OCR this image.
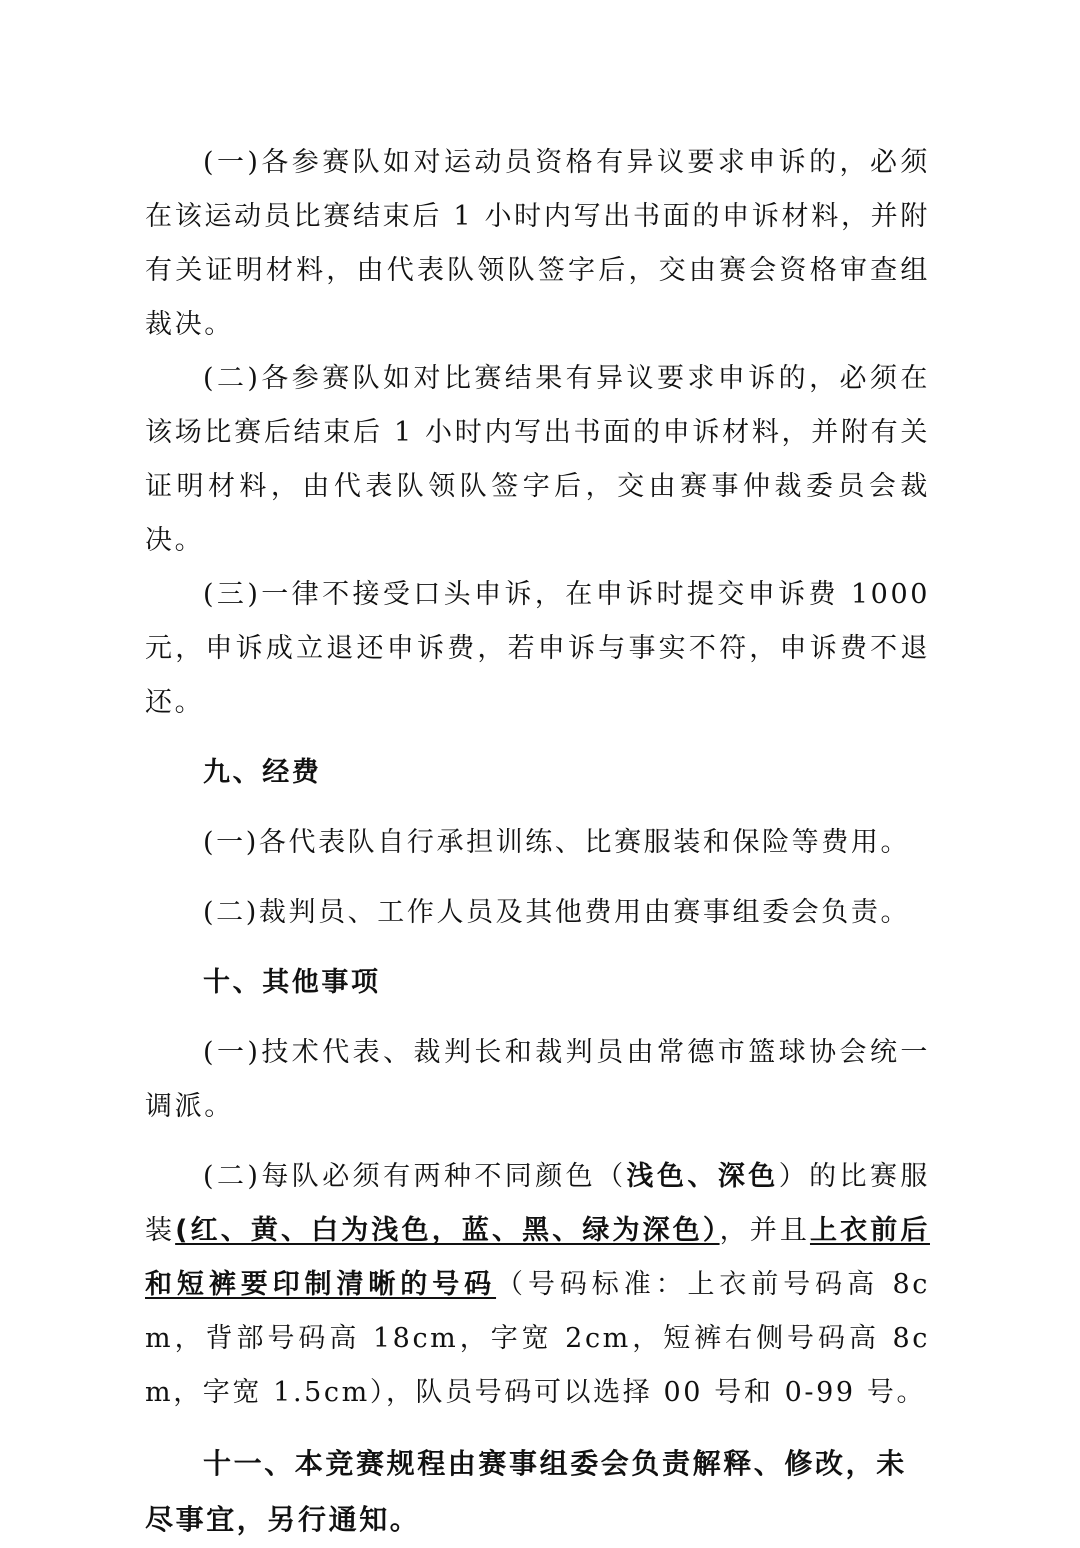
(一)各参赛队如对运动员资格有异议要求申诉的，必须在该运动员比赛结束后 1 小时内写出书面的申诉材料，并附有关证明材料，由代表队领队签字后，交由赛会资格审查组裁决。

(二)各参赛队如对比赛结果有异议要求申诉的，必须在该场比赛后结束后 1 小时内写出书面的申诉材料，并附有关证明材料，由代表队领队签字后，交由赛事仲裁委员会裁决。

(三)一律不接受口头申诉，在申诉时提交申诉费 1000 元，申诉成立退还申诉费，若申诉与事实不符，申诉费不退还。

九、经费

(一)各代表队自行承担训练、比赛服装和保险等费用。

(二)裁判员、工作人员及其他费用由赛事组委会负责。

十、其他事项

(一)技术代表、裁判长和裁判员由常德市篮球协会统一调派。

(二)每队必须有两种不同颜色（浅色、深色）的比赛服装(红、黄、白为浅色，蓝、黑、绿为深色），并且上衣前后和短裤要印制清晰的号码（号码标准：上衣前号码高 8cm，背部号码高 18cm，字宽 2cm，短裤右侧号码高 8cm，字宽 1.5cm），队员号码可以选择 00 号和 0-99 号。

十一、本竞赛规程由赛事组委会负责解释、修改，未尽事宜，另行通知。
